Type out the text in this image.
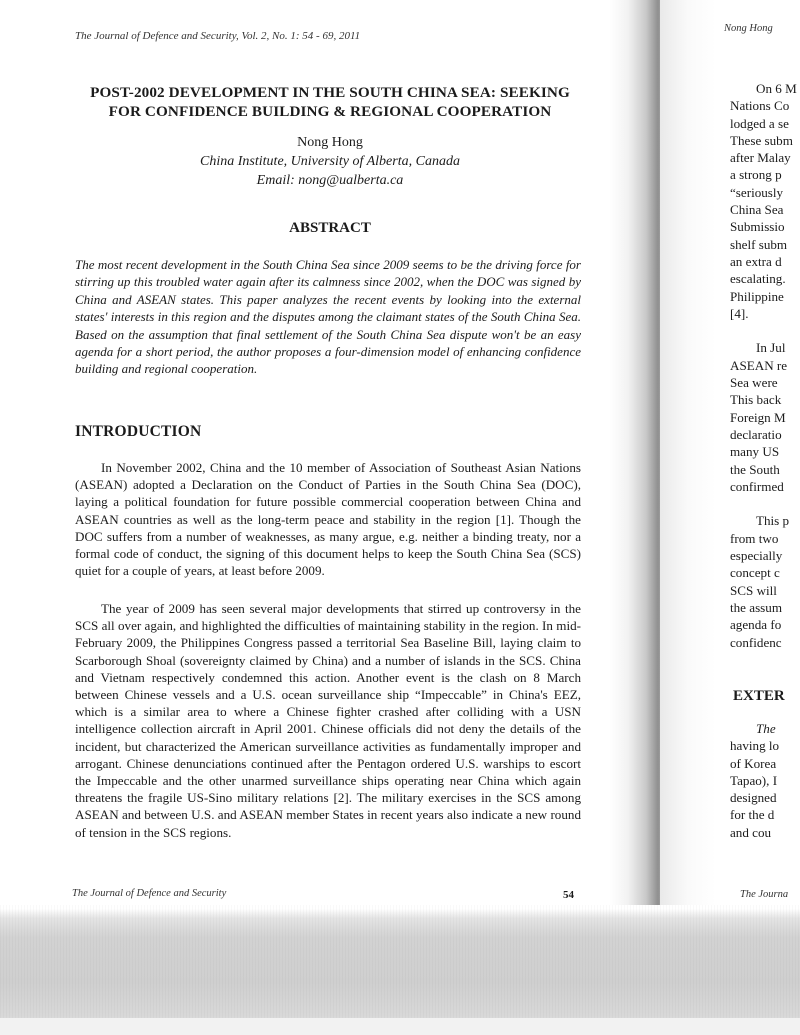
The Journal of Defence and Security, Vol. 2, No. 1: 54 - 69, 2011
POST-2002 DEVELOPMENT IN THE SOUTH CHINA SEA: SEEKING FOR CONFIDENCE BUILDING & REGIONAL COOPERATION
Nong Hong
China Institute, University of Alberta, Canada
Email: nong@ualberta.ca
ABSTRACT

The most recent development in the South China Sea since 2009 seems to be the driving force for stirring up this troubled water again after its calmness since 2002, when the DOC was signed by China and ASEAN states. This paper analyzes the recent events by looking into the external states' interests in this region and the disputes among the claimant states of the South China Sea. Based on the assumption that final settlement of the South China Sea dispute won't be an easy agenda for a short period, the author proposes a four-dimension model of enhancing confidence building and regional cooperation.

INTRODUCTION

In November 2002, China and the 10 member of Association of Southeast Asian Nations (ASEAN) adopted a Declaration on the Conduct of Parties in the South China Sea (DOC), laying a political foundation for future possible commercial cooperation between China and ASEAN countries as well as the long-term peace and stability in the region [1]. Though the DOC suffers from a number of weaknesses, as many argue, e.g. neither a binding treaty, nor a formal code of conduct, the signing of this document helps to keep the South China Sea (SCS) quiet for a couple of years, at least before 2009.

The year of 2009 has seen several major developments that stirred up controversy in the SCS all over again, and highlighted the difficulties of maintaining stability in the region. In mid-February 2009, the Philippines Congress passed a territorial Sea Baseline Bill, laying claim to Scarborough Shoal (sovereignty claimed by China) and a number of islands in the SCS. China and Vietnam respectively condemned this action. Another event is the clash on 8 March between Chinese vessels and a U.S. ocean surveillance ship “Impeccable” in China's EEZ, which is a similar area to where a Chinese fighter crashed after colliding with a USN intelligence collection aircraft in April 2001. Chinese officials did not deny the details of the incident, but characterized the American surveillance activities as fundamentally improper and arrogant. Chinese denunciations continued after the Pentagon ordered U.S. warships to escort the Impeccable and the other unarmed surveillance ships operating near China which again threatens the fragile US-Sino military relations [2]. The military exercises in the SCS among ASEAN and between U.S. and ASEAN member States in recent years also indicate a new round of tension in the SCS regions.

The Journal of Defence and Security	54
Nong Hong
On 6 M
Nations Co
lodged a se
These subm
after Malay
a strong p
“seriously
China Sea
Submissio
shelf subm
an extra d
escalating.
Philippine
[4].
In Jul
ASEAN re
Sea were
This back
Foreign M
declaratio
many US
the South
confirmed
This p
from two
especially
concept c
SCS will
the assum
agenda fo
confidenc
EXTER
The
having lo
of Korea
Tapao), I
designed
for the d
and cou
The Journa
